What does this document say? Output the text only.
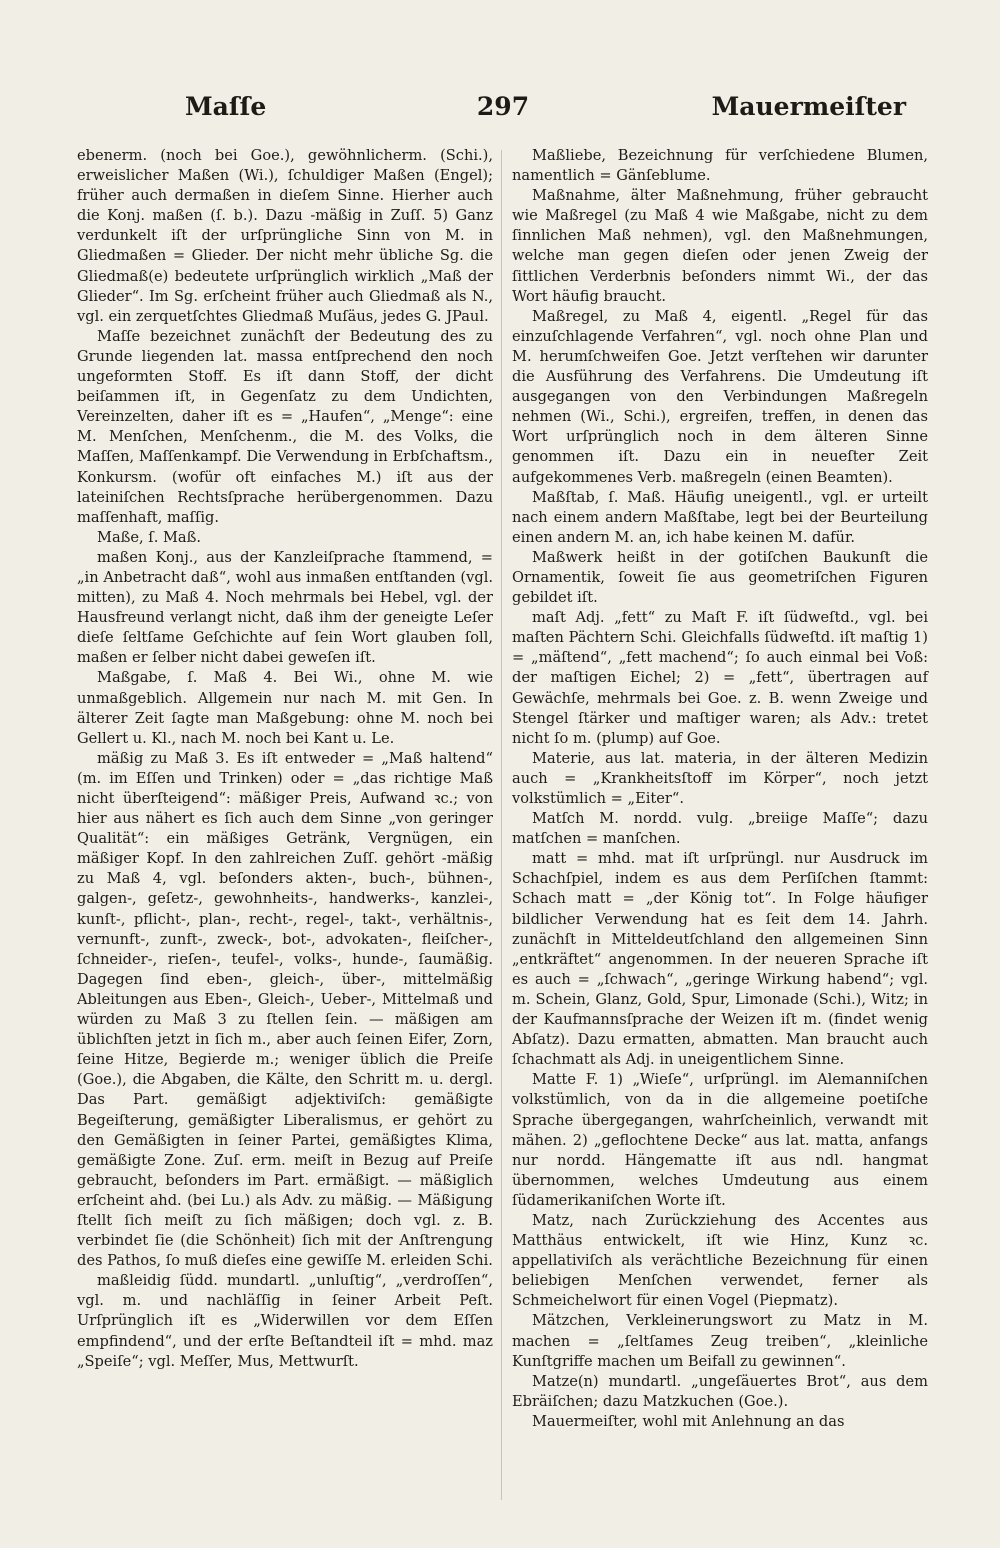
Maſſe	297	Mauermeiſter

ebenerm. (noch bei Goe.), gewöhnlicherm. (Schi.), erweislicher Maßen (Wi.), ſchuldiger Maßen (Engel); früher auch dermaßen in dieſem Sinne. Hierher auch die Konj. maßen (ſ. b.). Dazu -mäßig in Zuſſ. 5) Ganz verdunkelt iſt der urſprüngliche Sinn von M. in Gliedmaßen = Glieder. Der nicht mehr übliche Sg. die Gliedmaß(e) bedeutete urſprünglich wirklich „Maß der Glieder“. Im Sg. erſcheint früher auch Gliedmaß als N., vgl. ein zerquetſchtes Gliedmaß Muſäus, jedes G. JPaul.

Maſſe bezeichnet zunächſt der Bedeutung des zu Grunde liegenden lat. massa entſprechend den noch ungeformten Stoff. Es iſt dann Stoff, der dicht beiſammen iſt, in Gegenſatz zu dem Undichten, Vereinzelten, daher iſt es = „Haufen“, „Menge“: eine M. Menſchen, Menſchenm., die M. des Volks, die Maſſen, Maſſenkampf. Die Verwendung in Erbſchaftsm., Konkursm. (wofür oft einfaches M.) iſt aus der lateiniſchen Rechtsſprache herübergenommen. Dazu maſſenhaft, maſſig.

Maße, ſ. Maß.

maßen Konj., aus der Kanzleiſprache ſtammend, = „in Anbetracht daß“, wohl aus inmaßen entſtanden (vgl. mitten), zu Maß 4. Noch mehrmals bei Hebel, vgl. der Hausfreund verlangt nicht, daß ihm der geneigte Leſer dieſe ſeltſame Geſchichte auf ſein Wort glauben ſoll, maßen er ſelber nicht dabei geweſen iſt.

Maßgabe, ſ. Maß 4. Bei Wi., ohne M. wie unmaßgeblich. Allgemein nur nach M. mit Gen. In älterer Zeit ſagte man Maßgebung: ohne M. noch bei Gellert u. Kl., nach M. noch bei Kant u. Le.

mäßig zu Maß 3. Es iſt entweder = „Maß haltend“ (m. im Eſſen und Trinken) oder = „das richtige Maß nicht überſteigend“: mäßiger Preis, Aufwand ꝛc.; von hier aus nähert es ſich auch dem Sinne „von geringer Qualität“: ein mäßiges Getränk, Vergnügen, ein mäßiger Kopf. In den zahlreichen Zuſſ. gehört -mäßig zu Maß 4, vgl. beſonders akten-, buch-, bühnen-, galgen-, geſetz-, gewohnheits-, handwerks-, kanzlei-, kunſt-, pflicht-, plan-, recht-, regel-, takt-, verhältnis-, vernunft-, zunft-, zweck-, bot-, advokaten-, fleiſcher-, ſchneider-, rieſen-, teufel-, volks-, hunde-, ſaumäßig. Dagegen ſind eben-, gleich-, über-, mittelmäßig Ableitungen aus Eben-, Gleich-, Ueber-, Mittelmaß und würden zu Maß 3 zu ſtellen ſein. — mäßigen am üblichſten jetzt in ſich m., aber auch ſeinen Eifer, Zorn, ſeine Hitze, Begierde m.; weniger üblich die Preiſe (Goe.), die Abgaben, die Kälte, den Schritt m. u. dergl. Das Part. gemäßigt adjektiviſch: gemäßigte Begeiſterung, gemäßigter Liberalismus, er gehört zu den Gemäßigten in ſeiner Partei, gemäßigtes Klima, gemäßigte Zone. Zuſ. erm. meiſt in Bezug auf Preiſe gebraucht, beſonders im Part. ermäßigt. — mäßiglich erſcheint ahd. (bei Lu.) als Adv. zu mäßig. — Mäßigung ſtellt ſich meiſt zu ſich mäßigen; doch vgl. z. B. verbindet ſie (die Schönheit) ſich mit der Anſtrengung des Pathos, ſo muß dieſes eine gewiſſe M. erleiden Schi.

maßleidig ſüdd. mundartl. „unluſtig“, „verdroſſen“, vgl. m. und nachläſſig in ſeiner Arbeit Peſt. Urſprünglich iſt es „Widerwillen vor dem Eſſen empfindend“, und der erſte Beſtandteil iſt = mhd. maz „Speiſe“; vgl. Meſſer, Mus, Mettwurſt.

Maßliebe, Bezeichnung für verſchiedene Blumen, namentlich = Gänſeblume.

Maßnahme, älter Maßnehmung, früher gebraucht wie Maßregel (zu Maß 4 wie Maßgabe, nicht zu dem ſinnlichen Maß nehmen), vgl. den Maßnehmungen, welche man gegen dieſen oder jenen Zweig der ſittlichen Verderbnis beſonders nimmt Wi., der das Wort häufig braucht.

Maßregel, zu Maß 4, eigentl. „Regel für das einzuſchlagende Verfahren“, vgl. noch ohne Plan und M. herumſchweifen Goe. Jetzt verſtehen wir darunter die Ausführung des Verfahrens. Die Umdeutung iſt ausgegangen von den Verbindungen Maßregeln nehmen (Wi., Schi.), ergreifen, treffen, in denen das Wort urſprünglich noch in dem älteren Sinne genommen iſt. Dazu ein in neueſter Zeit aufgekommenes Verb. maßregeln (einen Beamten).

Maßſtab, ſ. Maß. Häufig uneigentl., vgl. er urteilt nach einem andern Maßſtabe, legt bei der Beurteilung einen andern M. an, ich habe keinen M. dafür.

Maßwerk heißt in der gotiſchen Baukunſt die Ornamentik, ſoweit ſie aus geometriſchen Figuren gebildet iſt.

maſt Adj. „fett“ zu Maſt F. iſt ſüdweſtd., vgl. bei maſten Pächtern Schi. Gleichfalls ſüdweſtd. iſt maſtig 1) = „mäſtend“, „fett machend“; ſo auch einmal bei Voß: der maſtigen Eichel; 2) = „fett“, übertragen auf Gewächſe, mehrmals bei Goe. z. B. wenn Zweige und Stengel ſtärker und maſtiger waren; als Adv.: tretet nicht ſo m. (plump) auf Goe.

Materie, aus lat. materia, in der älteren Medizin auch = „Krankheitsſtoff im Körper“, noch jetzt volkstümlich = „Eiter“.

Matſch M. nordd. vulg. „breiige Maſſe“; dazu matſchen = manſchen.

matt = mhd. mat iſt urſprüngl. nur Ausdruck im Schachſpiel, indem es aus dem Perſiſchen ſtammt: Schach matt = „der König tot“. In Folge häufiger bildlicher Verwendung hat es ſeit dem 14. Jahrh. zunächſt in Mitteldeutſchland den allgemeinen Sinn „entkräftet“ angenommen. In der neueren Sprache iſt es auch = „ſchwach“, „geringe Wirkung habend“; vgl. m. Schein, Glanz, Gold, Spur, Limonade (Schi.), Witz; in der Kaufmannsſprache der Weizen iſt m. (findet wenig Abſatz). Dazu ermatten, abmatten. Man braucht auch ſchachmatt als Adj. in uneigentlichem Sinne.

Matte F. 1) „Wieſe“, urſprüngl. im Alemanniſchen volkstümlich, von da in die allgemeine poetiſche Sprache übergegangen, wahrſcheinlich, verwandt mit mähen. 2) „geflochtene Decke“ aus lat. matta, anfangs nur nordd. Hängematte iſt aus ndl. hangmat übernommen, welches Umdeutung aus einem ſüdamerikaniſchen Worte iſt.

Matz, nach Zurückziehung des Accentes aus Matthäus entwickelt, iſt wie Hinz, Kunz ꝛc. appellativiſch als verächtliche Bezeichnung für einen beliebigen Menſchen verwendet, ferner als Schmeichelwort für einen Vogel (Piepmatz).

Mätzchen, Verkleinerungswort zu Matz in M. machen = „ſeltſames Zeug treiben“, „kleinliche Kunſtgriffe machen um Beifall zu gewinnen“.

Matze(n) mundartl. „ungeſäuertes Brot“, aus dem Ebräiſchen; dazu Matzkuchen (Goe.).

Mauermeiſter, wohl mit Anlehnung an das
